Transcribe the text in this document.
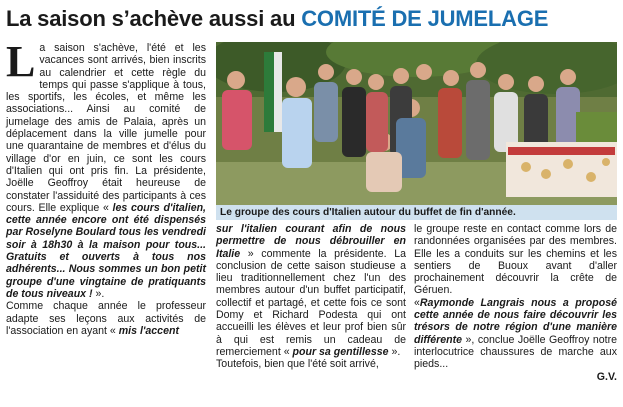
La saison s’achève aussi au COMITÉ DE JUMELAGE

La saison s'achève, l'été et les vacances sont arrivés, bien inscrits au calendrier et cette règle du temps qui passe s'applique à tous, les sportifs, les écoles, et même les associations... Ainsi au comité de jumelage des amis de Palaia, après un déplacement dans la ville jumelle pour une quarantaine de membres et d'élus du village d'or en juin, ce sont les cours d'Italien qui ont pris fin. La présidente, Joëlle Geoffroy était heureuse de constater l'assiduité des participants à ces cours. Elle explique « les cours d'italien, cette année encore ont été dispensés par Roselyne Boulard tous les vendredi soir à 18h30 à la maison pour tous... Gratuits et ouverts à tous nos adhérents... Nous sommes un bon petit groupe d'une vingtaine de pratiquants de tous niveaux ! ».

Comme chaque année le professeur adapte ses leçons aux activités de l'association en ayant « mis l'accent

Le groupe des cours d'Italien autour du buffet de fin d'année.

sur l'italien courant afin de nous permettre de nous débrouiller en Italie » commente la présidente. La conclusion de cette saison studieuse a lieu traditionnellement chez l'un des membres autour d'un buffet participatif, collectif et partagé, et cette fois ce sont Domy et Richard Podesta qui ont accueilli les élèves et leur prof bien sûr à qui est remis un cadeau de remerciement « pour sa gentillesse ».

Toutefois, bien que l'été soit arrivé,

le groupe reste en contact comme lors de randonnées organisées par des membres. Elle les a conduits sur les chemins et les sentiers de Buoux avant d'aller prochainement découvrir la crête de Géruen.

«Raymonde Langrais nous a proposé cette année de nous faire découvrir les trésors de notre région d'une manière différente », conclue Joëlle Geoffroy notre interlocutrice chaussures de marche aux pieds...

G.V.
